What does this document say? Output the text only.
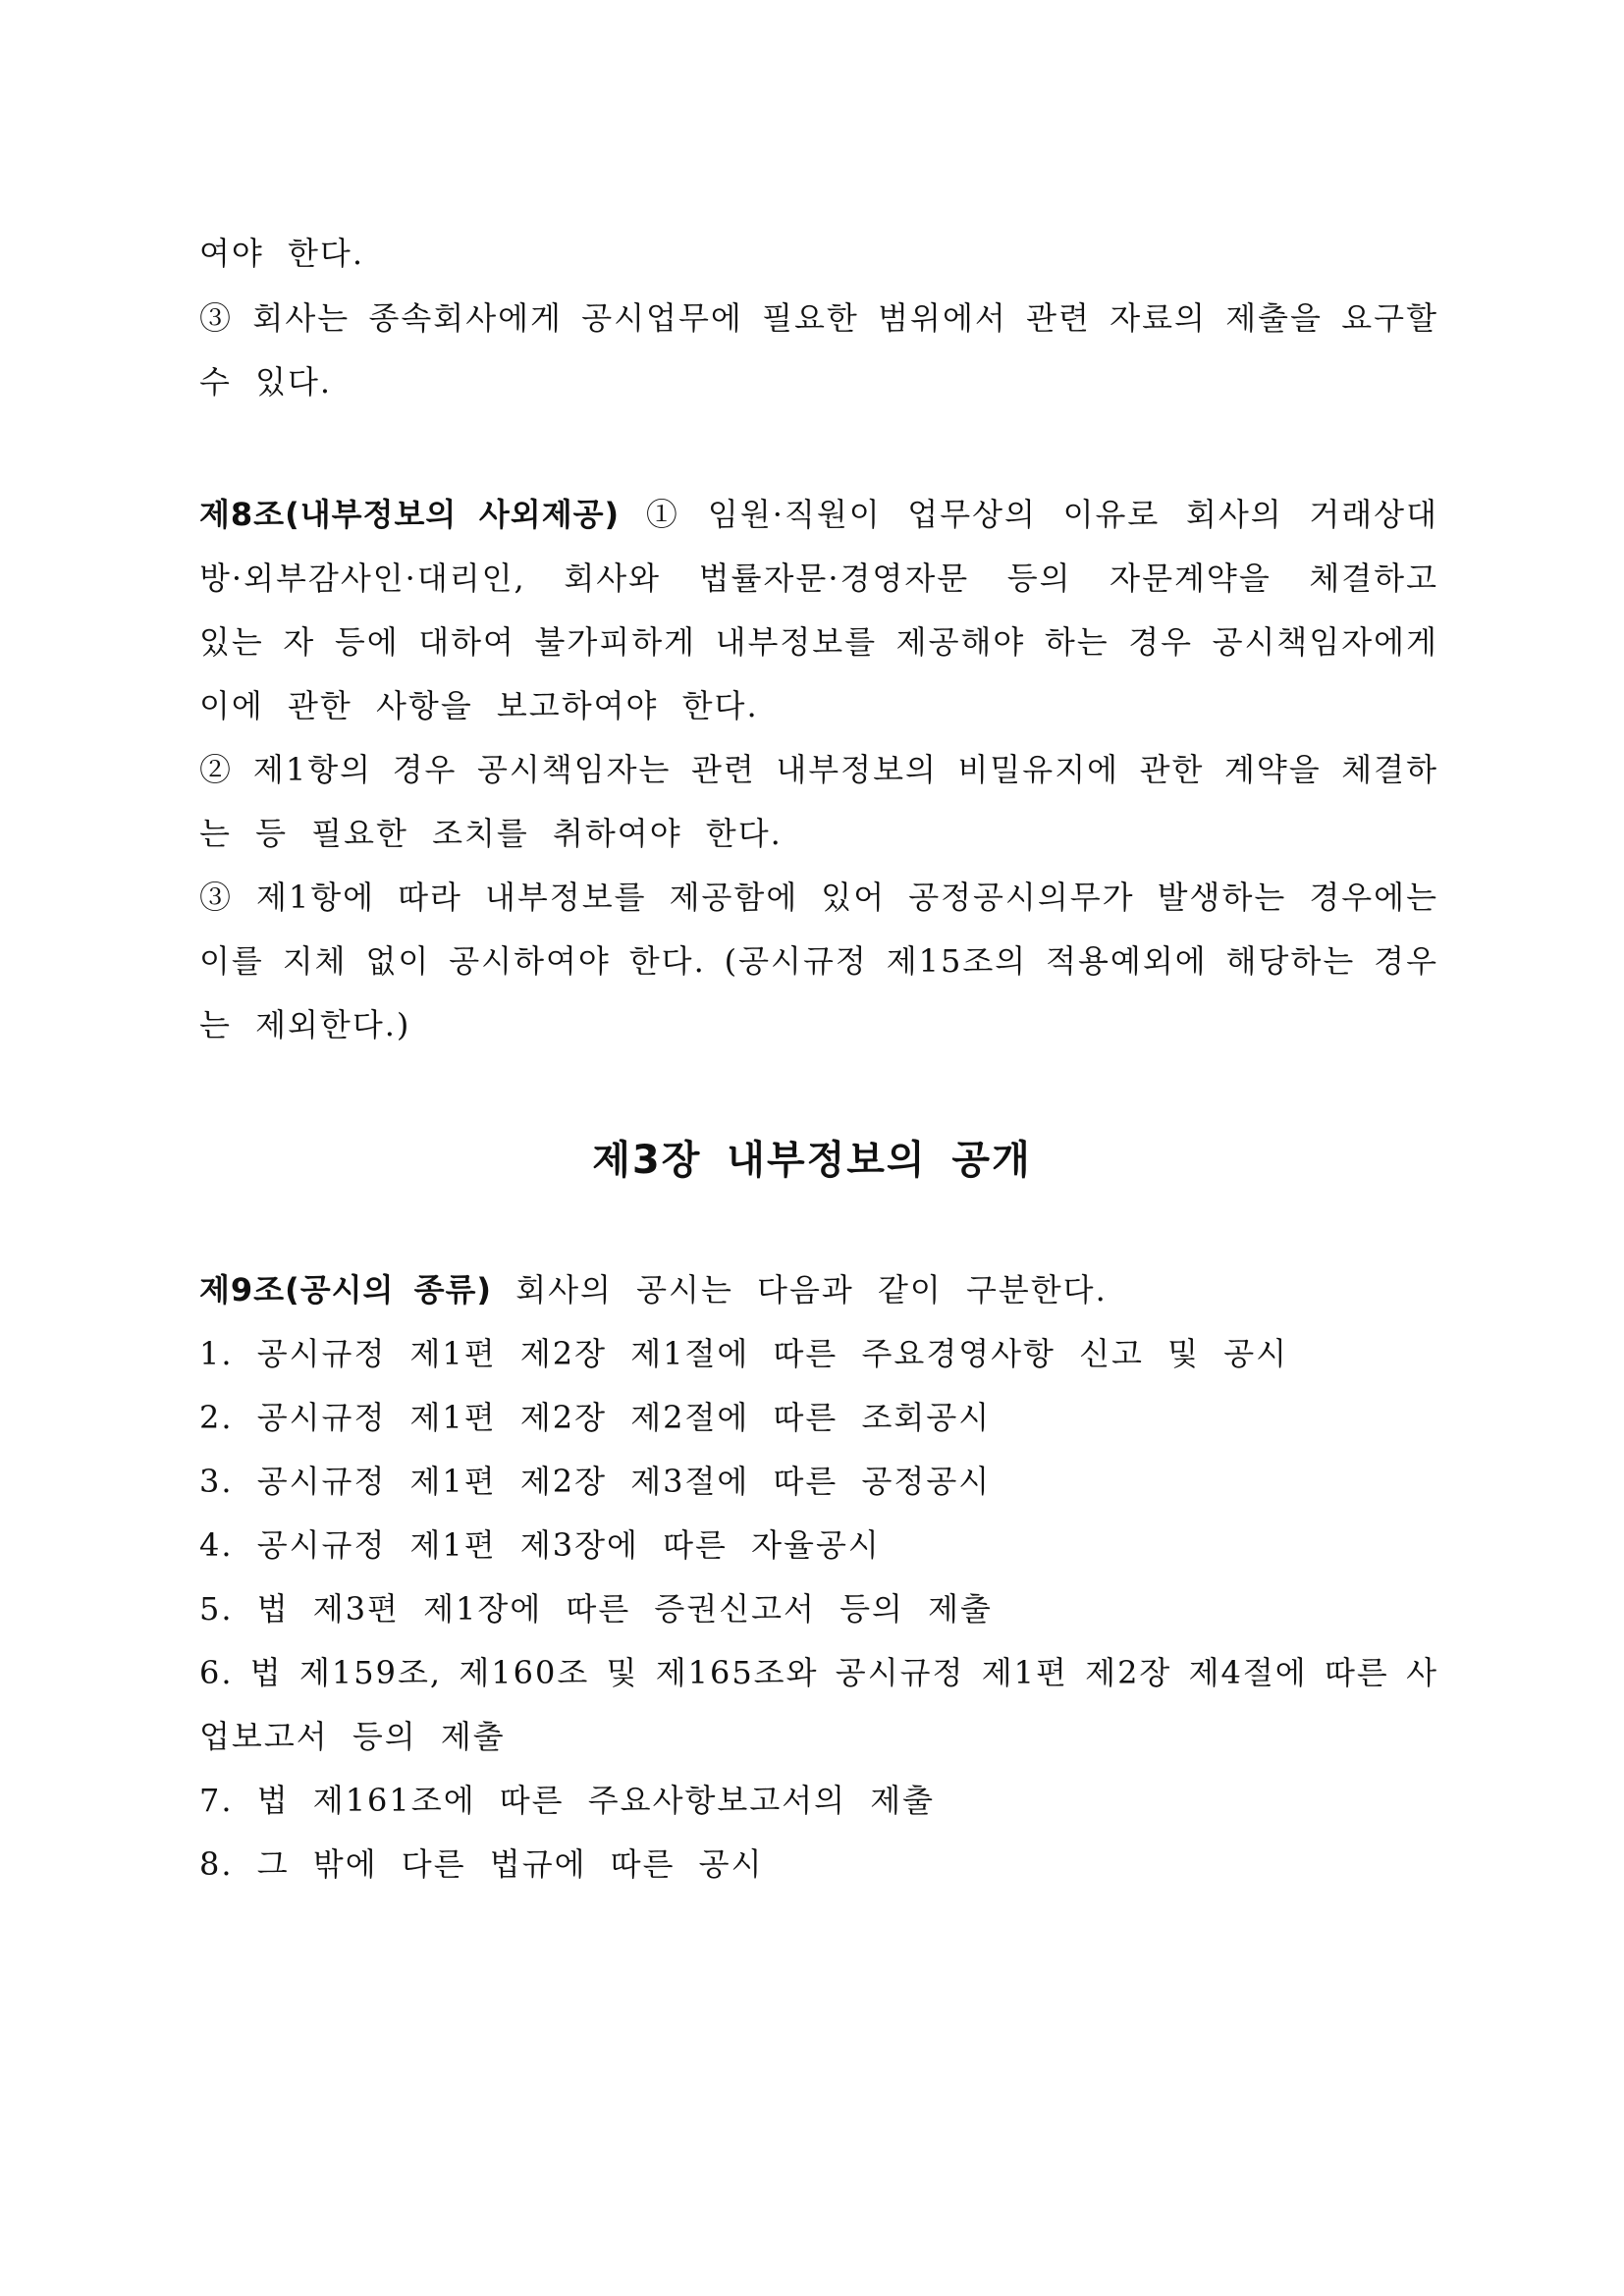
여야 한다.
③ 회사는 종속회사에게 공시업무에 필요한 범위에서 관련 자료의 제출을 요구할
수 있다.
제8조(내부정보의 사외제공) ① 임원·직원이 업무상의 이유로 회사의 거래상대
방·외부감사인·대리인, 회사와 법률자문·경영자문 등의 자문계약을 체결하고
있는 자 등에 대하여 불가피하게 내부정보를 제공해야 하는 경우 공시책임자에게
이에 관한 사항을 보고하여야 한다.
② 제1항의 경우 공시책임자는 관련 내부정보의 비밀유지에 관한 계약을 체결하
는 등 필요한 조치를 취하여야 한다.
③ 제1항에 따라 내부정보를 제공함에 있어 공정공시의무가 발생하는 경우에는
이를 지체 없이 공시하여야 한다. (공시규정 제15조의 적용예외에 해당하는 경우
는 제외한다.)
제3장 내부정보의 공개
제9조(공시의 종류) 회사의 공시는 다음과 같이 구분한다.
1. 공시규정 제1편 제2장 제1절에 따른 주요경영사항 신고 및 공시
2. 공시규정 제1편 제2장 제2절에 따른 조회공시
3. 공시규정 제1편 제2장 제3절에 따른 공정공시
4. 공시규정 제1편 제3장에 따른 자율공시
5. 법 제3편 제1장에 따른 증권신고서 등의 제출
6. 법 제159조, 제160조 및 제165조와 공시규정 제1편 제2장 제4절에 따른 사
업보고서 등의 제출
7. 법 제161조에 따른 주요사항보고서의 제출
8. 그 밖에 다른 법규에 따른 공시
